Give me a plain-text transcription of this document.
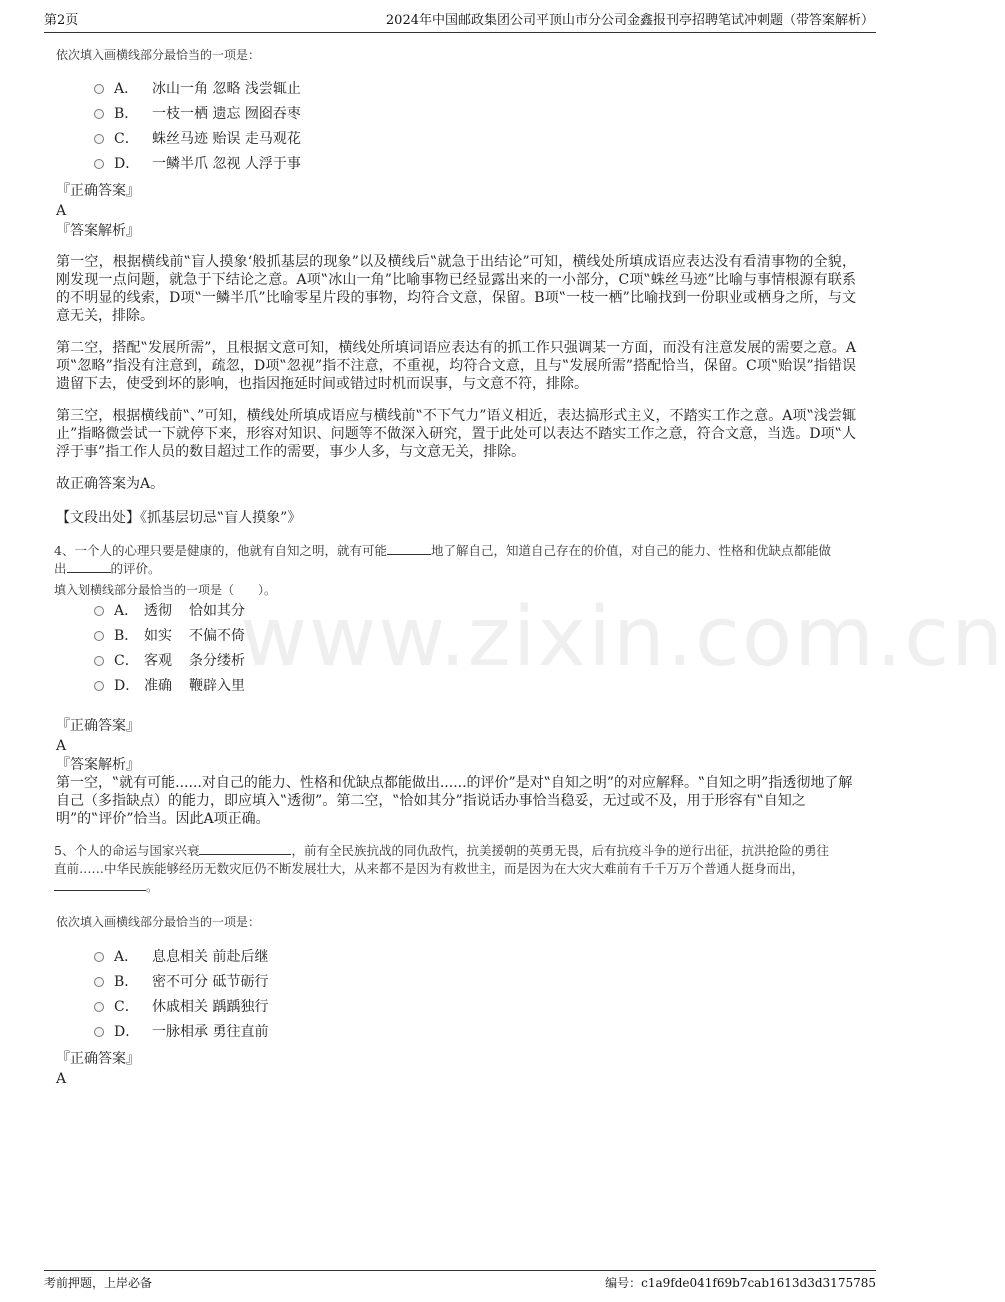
第2页	2024年中国邮政集团公司平顶山市分公司金鑫报刊亭招聘笔试冲刺题（带答案解析）
www.zixin.com.cn
依次填入画横线部分最恰当的一项是：
A． 冰山一角 忽略 浅尝辄止
B． 一枝一栖 遗忘 囫囵吞枣
C． 蛛丝马迹 贻误 走马观花
D． 一鳞半爪 忽视 人浮于事
『正确答案』
A
『答案解析』
第一空，根据横线前‟盲人摸象‘般抓基层的现象”以及横线后‟就急于出结论”可知，横线处所填成语应表达没有看清事物的全貌，刚发现一点问题，就急于下结论之意。A项‟冰山一角”比喻事物已经显露出来的一小部分，C项‟蛛丝马迹”比喻与事情根源有联系的不明显的线索，D项‟一鳞半爪”比喻零星片段的事物，均符合文意，保留。B项‟一枝一栖”比喻找到一份职业或栖身之所，与文意无关，排除。
第二空，搭配‟发展所需”，且根据文意可知，横线处所填词语应表达有的抓工作只强调某一方面，而没有注意发展的需要之意。A项‟忽略”指没有注意到，疏忽，D项‟忽视”指不注意，不重视，均符合文意，且与‟发展所需”搭配恰当，保留。C项‟贻误”指错误遗留下去，使受到坏的影响，也指因拖延时间或错过时机而误事，与文意不符，排除。
第三空，根据横线前‟、”可知，横线处所填成语应与横线前‟不下气力”语义相近，表达搞形式主义，不踏实工作之意。A项‟浅尝辄止”指略微尝试一下就停下来，形容对知识、问题等不做深入研究，置于此处可以表达不踏实工作之意，符合文意，当选。D项‟人浮于事”指工作人员的数目超过工作的需要，事少人多，与文意无关，排除。
故正确答案为A。
【文段出处】《抓基层切忌‟盲人摸象”》
4、一个人的心理只要是健康的，他就有自知之明，就有可能	地了解自己，知道自己存在的价值，对自己的能力、性格和优缺点都能做
出	的评价。
填入划横线部分最恰当的一项是（　　）。
A． 透彻 恰如其分
B． 如实 不偏不倚
C． 客观 条分缕析
D． 准确 鞭辟入里
『正确答案』
A
『答案解析』
第一空，‟就有可能......对自己的能力、性格和优缺点都能做出......的评价”是对‟自知之明”的对应解释。‟自知之明”指透彻地了解自己（多指缺点）的能力，即应填入‟透彻”。第二空，‟恰如其分”指说话办事恰当稳妥，无过或不及，用于形容有‟自知之明”的‟评价”恰当。因此A项正确。
5、个人的命运与国家兴衰	，前有全民族抗战的同仇敌忾，抗美援朝的英勇无畏，后有抗疫斗争的逆行出征，抗洪抢险的勇往
直前……中华民族能够经历无数灾厄仍不断发展壮大，从来都不是因为有救世主，而是因为在大灾大难前有千千万万个普通人挺身而出，
。
依次填入画横线部分最恰当的一项是：
A． 息息相关 前赴后继
B． 密不可分 砥节砺行
C． 休戚相关 踽踽独行
D． 一脉相承 勇往直前
『正确答案』
A
考前押题，上岸必备	编号：c1a9fde041f69b7cab1613d3d3175785
